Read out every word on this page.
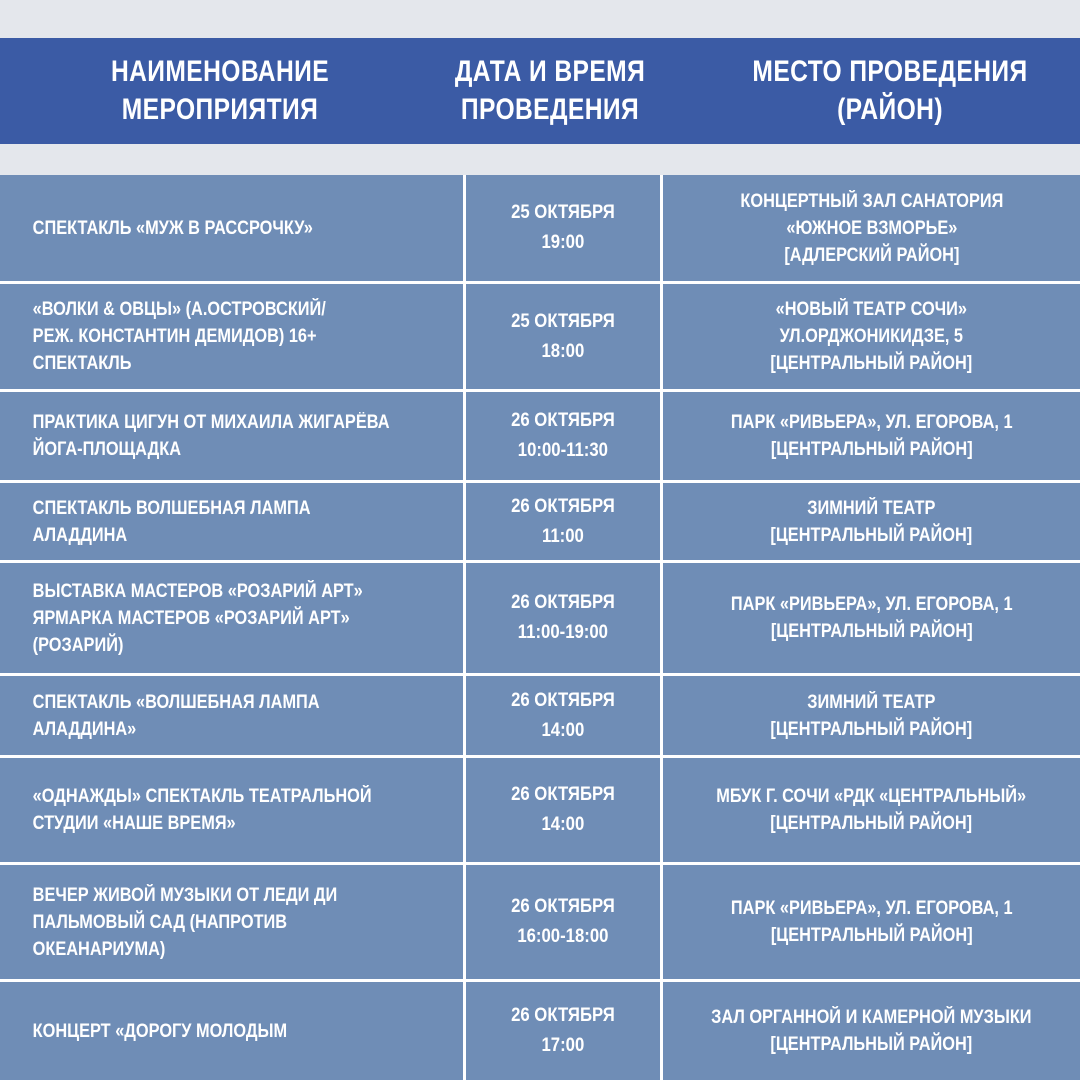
НАИМЕНОВАНИЕ
МЕРОПРИЯТИЯ
ДАТА И ВРЕМЯ
ПРОВЕДЕНИЯ
МЕСТО ПРОВЕДЕНИЯ
(РАЙОН)
СПЕКТАКЛЬ «МУЖ В РАССРОЧКУ»
25 ОКТЯБРЯ
19:00
КОНЦЕРТНЫЙ ЗАЛ САНАТОРИЯ
«ЮЖНОЕ ВЗМОРЬЕ»
[АДЛЕРСКИЙ РАЙОН]
«ВОЛКИ & ОВЦЫ» (А.ОСТРОВСКИЙ/
РЕЖ. КОНСТАНТИН ДЕМИДОВ) 16+ СПЕКТАКЛЬ
25 ОКТЯБРЯ
18:00
«НОВЫЙ ТЕАТР СОЧИ»
УЛ.ОРДЖОНИКИДЗЕ, 5
[ЦЕНТРАЛЬНЫЙ РАЙОН]
ПРАКТИКА ЦИГУН ОТ МИХАИЛА ЖИГАРЁВА
ЙОГА-ПЛОЩАДКА
26 ОКТЯБРЯ
10:00-11:30
ПАРК «РИВЬЕРА», УЛ. ЕГОРОВА, 1
[ЦЕНТРАЛЬНЫЙ РАЙОН]
СПЕКТАКЛЬ ВОЛШЕБНАЯ ЛАМПА АЛАДДИНА
26 ОКТЯБРЯ
11:00
ЗИМНИЙ ТЕАТР
[ЦЕНТРАЛЬНЫЙ РАЙОН]
ВЫСТАВКА МАСТЕРОВ «РОЗАРИЙ АРТ»
ЯРМАРКА МАСТЕРОВ «РОЗАРИЙ АРТ»
(РОЗАРИЙ)
26 ОКТЯБРЯ
11:00-19:00
ПАРК «РИВЬЕРА», УЛ. ЕГОРОВА, 1
[ЦЕНТРАЛЬНЫЙ РАЙОН]
СПЕКТАКЛЬ «ВОЛШЕБНАЯ ЛАМПА АЛАДДИНА»
26 ОКТЯБРЯ
14:00
ЗИМНИЙ ТЕАТР
[ЦЕНТРАЛЬНЫЙ РАЙОН]
«ОДНАЖДЫ» СПЕКТАКЛЬ ТЕАТРАЛЬНОЙ
СТУДИИ «НАШЕ ВРЕМЯ»
26 ОКТЯБРЯ
14:00
МБУК Г. СОЧИ «РДК «ЦЕНТРАЛЬНЫЙ»
[ЦЕНТРАЛЬНЫЙ РАЙОН]
ВЕЧЕР ЖИВОЙ МУЗЫКИ ОТ ЛЕДИ ДИ
ПАЛЬМОВЫЙ САД (НАПРОТИВ ОКЕАНАРИУМА)
26 ОКТЯБРЯ
16:00-18:00
ПАРК «РИВЬЕРА», УЛ. ЕГОРОВА, 1
[ЦЕНТРАЛЬНЫЙ РАЙОН]
КОНЦЕРТ «ДОРОГУ МОЛОДЫМ
26 ОКТЯБРЯ
17:00
ЗАЛ ОРГАННОЙ И КАМЕРНОЙ МУЗЫКИ
[ЦЕНТРАЛЬНЫЙ РАЙОН]
